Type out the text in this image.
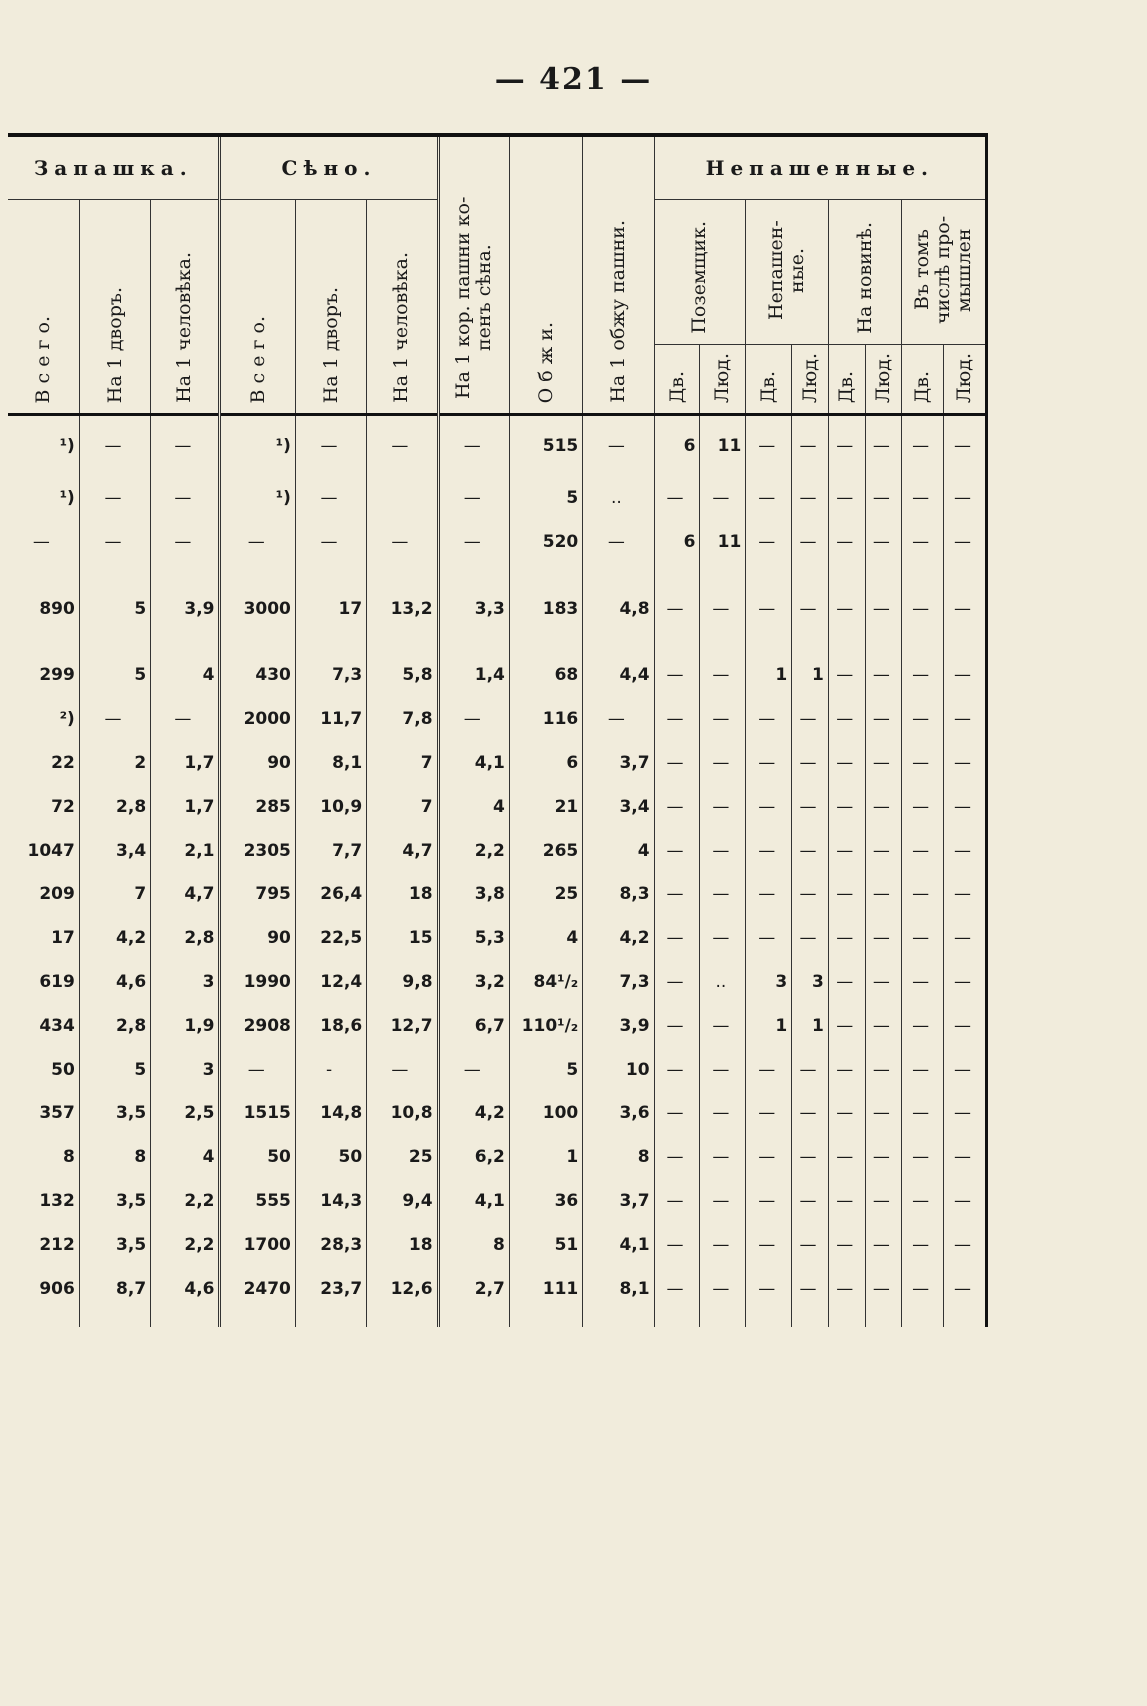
— 421 —
Запашка.			Сѣно.			На 1 кор. пашни ко-пенъ сѣна.	О б ж и.	На 1 обжу пашни.	Непашенные.							
В с е г о.	На 1 дворъ.	На 1 человѣка.	В с е г о.	На 1 дворъ.	На 1 человѣка.				Поземщик.		Непашен-ные.		На новинѣ.		Въ томъ числѣ про-мышлен	
									Дв.	Люд.	Дв.	Люд.	Дв.	Люд.	Дв.	Люд.
¹)	—	—	¹)	—	—	—	515	—	6	11	—	—	—	—	—	—
¹)	—	—	¹)	—		—	5	..	—	—	—	—	—	—	—	—
—	—	—	—	—	—	—	520	—	6	11	—	—	—	—	—	—
890	5	3,9	3000	17	13,2	3,3	183	4,8	—	—	—	—	—	—	—	—
299	5	4	430	7,3	5,8	1,4	68	4,4	—	—	1	1	—	—	—	—
²)	—	—	2000	11,7	7,8	—	116	—	—	—	—	—	—	—	—	—
22	2	1,7	90	8,1	7	4,1	6	3,7	—	—	—	—	—	—	—	—
72	2,8	1,7	285	10,9	7	4	21	3,4	—	—	—	—	—	—	—	—
1047	3,4	2,1	2305	7,7	4,7	2,2	265	4	—	—	—	—	—	—	—	—
209	7	4,7	795	26,4	18	3,8	25	8,3	—	—	—	—	—	—	—	—
17	4,2	2,8	90	22,5	15	5,3	4	4,2	—	—	—	—	—	—	—	—
619	4,6	3	1990	12,4	9,8	3,2	84¹/₂	7,3	—	..	3	3	—	—	—	—
434	2,8	1,9	2908	18,6	12,7	6,7	110¹/₂	3,9	—	—	1	1	—	—	—	—
50	5	3	—	-	—	—	5	10	—	—	—	—	—	—	—	—
357	3,5	2,5	1515	14,8	10,8	4,2	100	3,6	—	—	—	—	—	—	—	—
8	8	4	50	50	25	6,2	1	8	—	—	—	—	—	—	—	—
132	3,5	2,2	555	14,3	9,4	4,1	36	3,7	—	—	—	—	—	—	—	—
212	3,5	2,2	1700	28,3	18	8	51	4,1	—	—	—	—	—	—	—	—
906	8,7	4,6	2470	23,7	12,6	2,7	111	8,1	—	—	—	—	—	—	—	—
